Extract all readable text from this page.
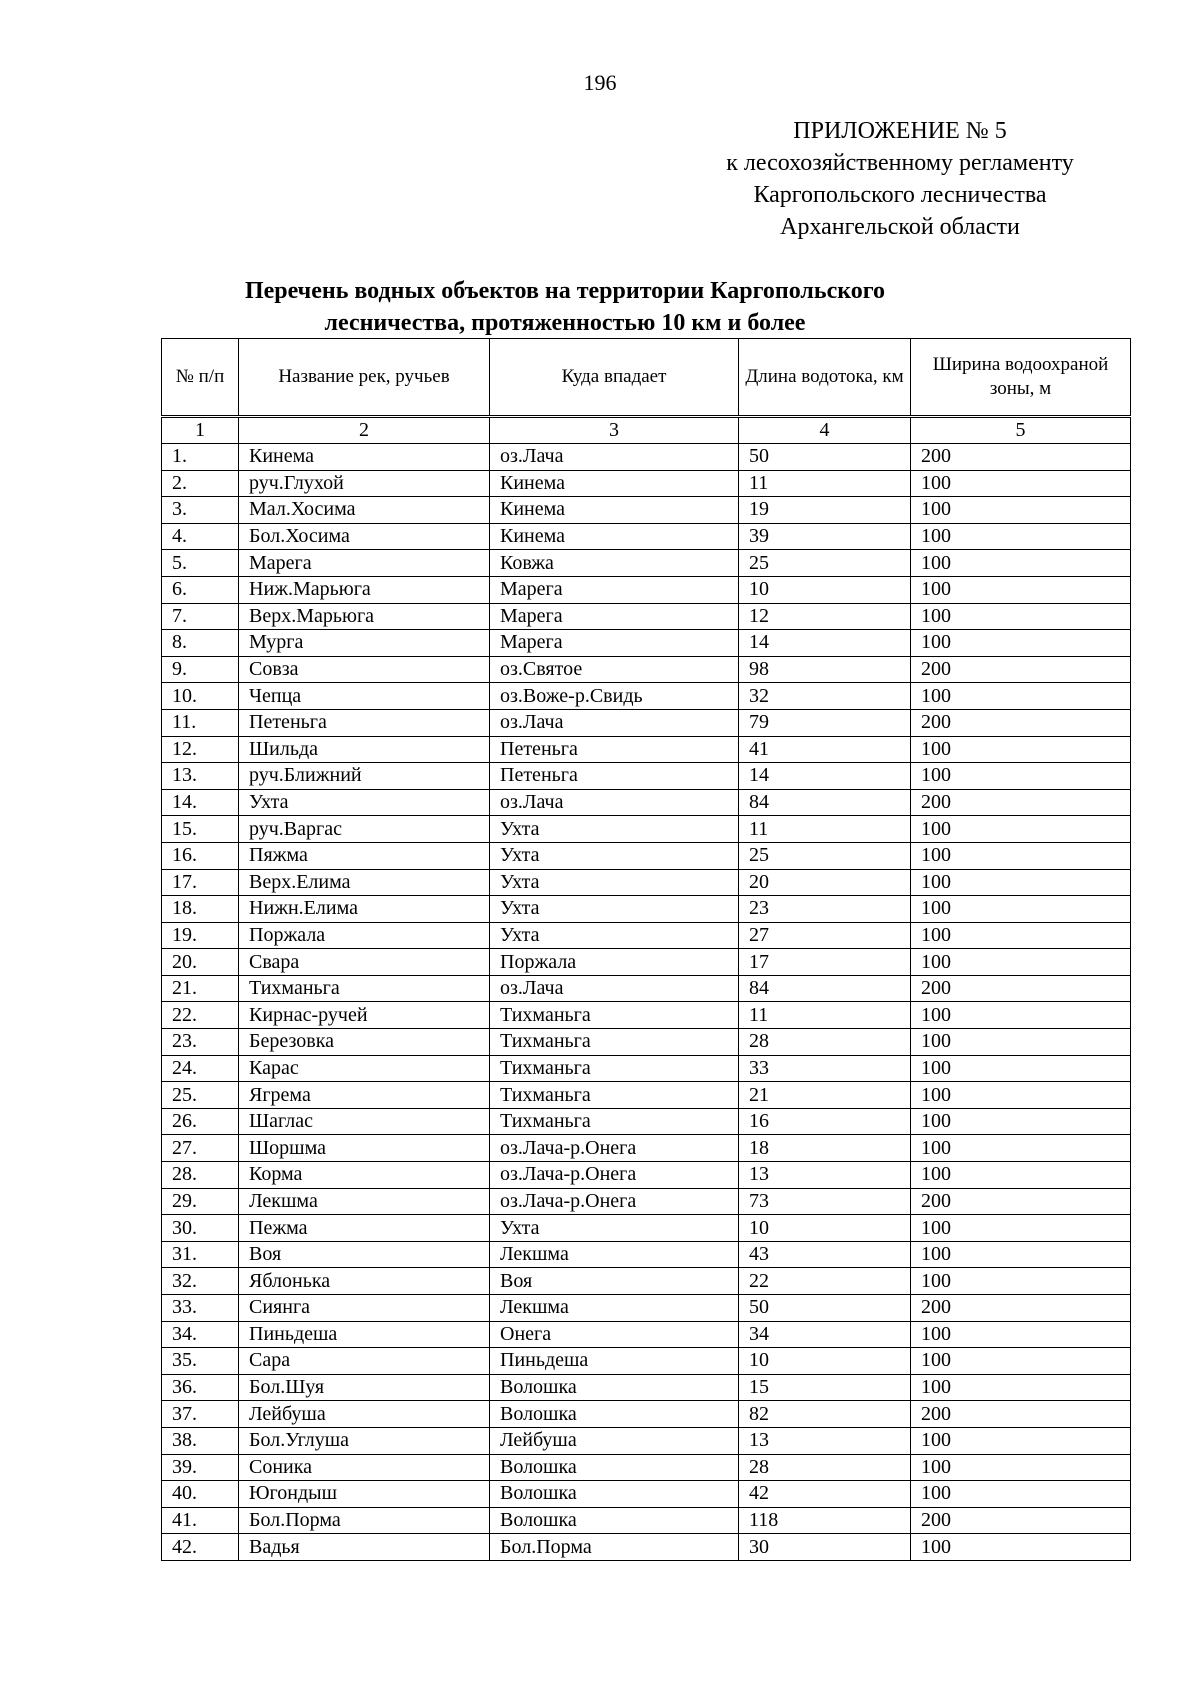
196
ПРИЛОЖЕНИЕ № 5
к лесохозяйственному регламенту
Каргопольского лесничества
Архангельской области
Перечень водных объектов на территории Каргопольского
лесничества, протяженностью 10 км и более
№ п/п	Название рек, ручьев	Куда впадает	Длина водотока, км	Ширина водоохраной зоны, м
1	2	3	4	5
1.	Кинема	оз.Лача	50	200
2.	руч.Глухой	Кинема	11	100
3.	Мал.Хосима	Кинема	19	100
4.	Бол.Хосима	Кинема	39	100
5.	Марега	Ковжа	25	100
6.	Ниж.Марьюга	Марега	10	100
7.	Верх.Марьюга	Марега	12	100
8.	Мурга	Марега	14	100
9.	Совза	оз.Святое	98	200
10.	Чепца	оз.Воже-р.Свидь	32	100
11.	Петеньга	оз.Лача	79	200
12.	Шильда	Петеньга	41	100
13.	руч.Ближний	Петеньга	14	100
14.	Ухта	оз.Лача	84	200
15.	руч.Варгас	Ухта	11	100
16.	Пяжма	Ухта	25	100
17.	Верх.Елима	Ухта	20	100
18.	Нижн.Елима	Ухта	23	100
19.	Поржала	Ухта	27	100
20.	Свара	Поржала	17	100
21.	Тихманьга	оз.Лача	84	200
22.	Кирнас-ручей	Тихманьга	11	100
23.	Березовка	Тихманьга	28	100
24.	Карас	Тихманьга	33	100
25.	Ягрема	Тихманьга	21	100
26.	Шаглас	Тихманьга	16	100
27.	Шоршма	оз.Лача-р.Онега	18	100
28.	Корма	оз.Лача-р.Онега	13	100
29.	Лекшма	оз.Лача-р.Онега	73	200
30.	Пежма	Ухта	10	100
31.	Воя	Лекшма	43	100
32.	Яблонька	Воя	22	100
33.	Сиянга	Лекшма	50	200
34.	Пиньдеша	Онега	34	100
35.	Сара	Пиньдеша	10	100
36.	Бол.Шуя	Волошка	15	100
37.	Лейбуша	Волошка	82	200
38.	Бол.Углуша	Лейбуша	13	100
39.	Соника	Волошка	28	100
40.	Югондыш	Волошка	42	100
41.	Бол.Порма	Волошка	118	200
42.	Вадья	Бол.Порма	30	100
